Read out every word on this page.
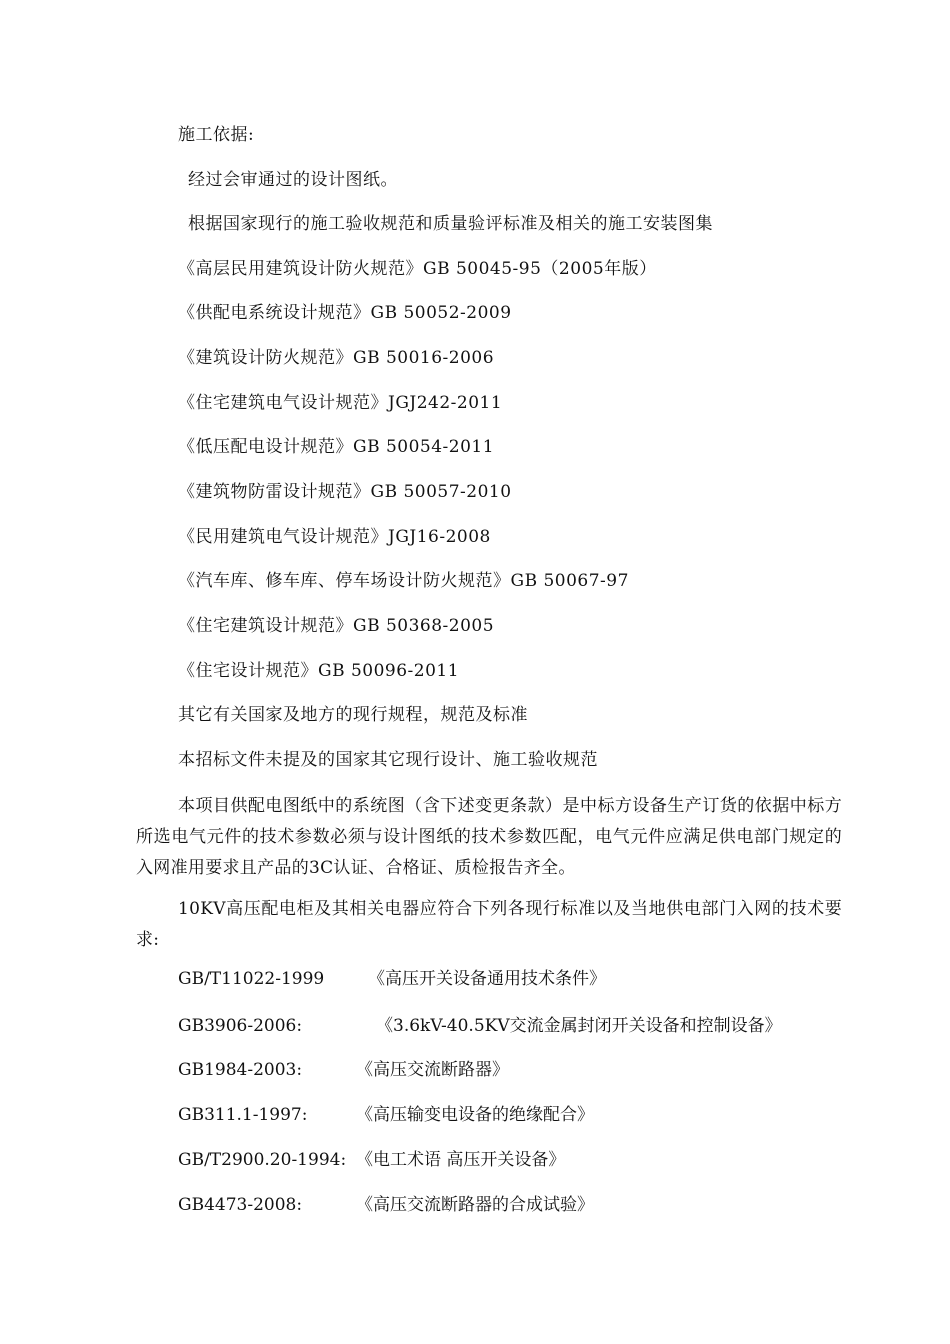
施工依据:
经过会审通过的设计图纸。
根据国家现行的施工验收规范和质量验评标准及相关的施工安装图集
《高层民用建筑设计防火规范》GB 50045-95（2005年版）
《供配电系统设计规范》GB 50052-2009
《建筑设计防火规范》GB 50016-2006
《住宅建筑电气设计规范》JGJ242-2011
《低压配电设计规范》GB 50054-2011
《建筑物防雷设计规范》GB 50057-2010
《民用建筑电气设计规范》JGJ16-2008
《汽车库、修车库、停车场设计防火规范》GB 50067-97
《住宅建筑设计规范》GB 50368-2005
《住宅设计规范》GB 50096-2011
其它有关国家及地方的现行规程，规范及标准
本招标文件未提及的国家其它现行设计、施工验收规范
本项目供配电图纸中的系统图（含下述变更条款）是中标方设备生产订货的依据中标方所选电气元件的技术参数必须与设计图纸的技术参数匹配，电气元件应满足供电部门规定的入网准用要求且产品的3C认证、合格证、质检报告齐全。
10KV高压配电柜及其相关电器应符合下列各现行标准以及当地供电部门入网的技术要求:
GB/T11022-1999	《高压开关设备通用技术条件》
GB3906-2006:	《3.6kV-40.5KV交流金属封闭开关设备和控制设备》
GB1984-2003:	《高压交流断路器》
GB311.1-1997:	《高压输变电设备的绝缘配合》
GB/T2900.20-1994: 《电工术语 高压开关设备》
GB4473-2008:	《高压交流断路器的合成试验》
